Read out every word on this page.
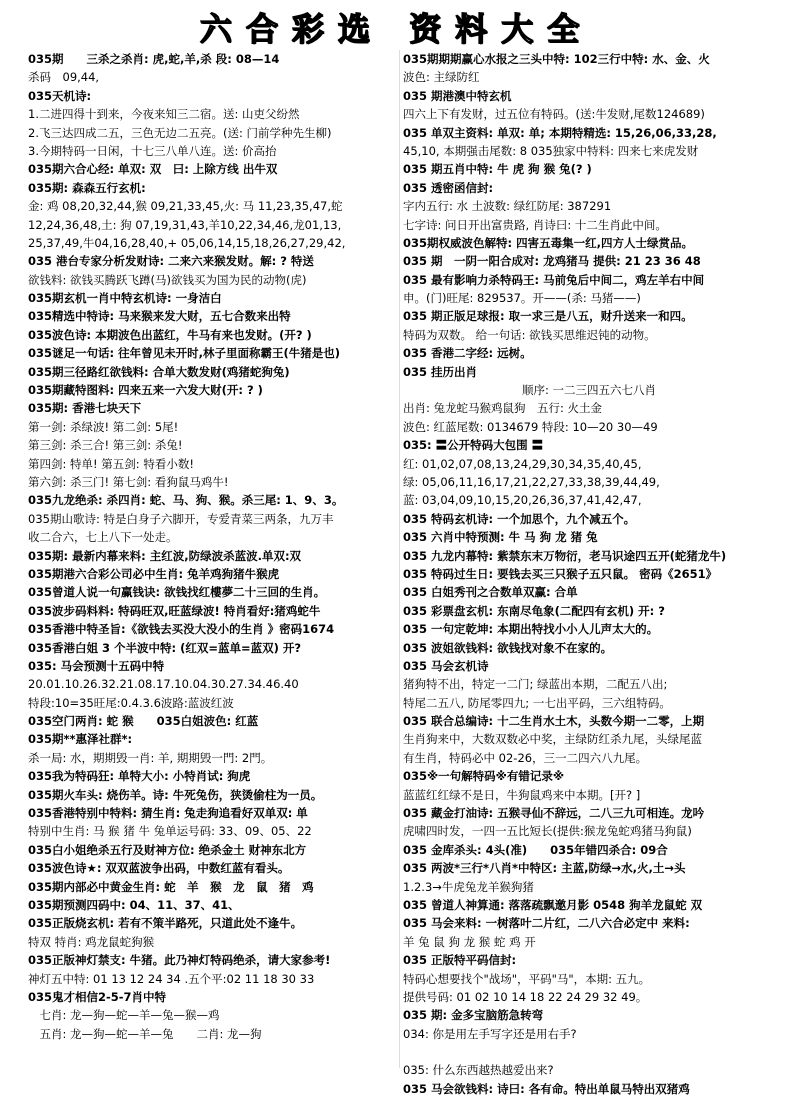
六合彩选 资料大全
035期　　三杀之杀肖: 虎,蛇,羊,杀 段: 08—14
杀码　09,44,
035天机诗:
1.二进四得十到来，今夜来知三二宿。送: 山吏父纷然
2.飞三达四成二五，三色无边二五亮。(送: 门前学种先生柳)
3.今期特码一日闲，十七三八单八连。送: 价高抬
035期六合心经: 单双: 双　曰: 上除方线 出牛双
035期: 森森五行玄机:
金: 鸡 08,20,32,44,猴 09,21,33,45,火: 马 11,23,35,47,蛇
12,24,36,48,土: 狗 07,19,31,43,羊10,22,34,46,龙01,13,
25,37,49,牛04,16,28,40,+ 05,06,14,15,18,26,27,29,42,
035 港台专家分析发财诗: 二来六来猴发财。解: ? 特送
欲钱料: 欲钱买腾跃飞蹲(马)欲钱买为国为民的动物(虎)
035期玄机一肖中特玄机诗: 一身洁白
035精选中特诗: 马来猴来发大财，五七合数来出特
035波色诗: 本期波色出蓝红，牛马有来也发财。(开? )
035谜足一句话: 往年曾见未开时,林子里面称霸王(牛猪是也)
035期三径路红欲钱料: 合单大数发财(鸡猪蛇狗兔)
035期藏特图料: 四来五来一六发大财(开: ? )
035期: 香港七块天下
第一剑: 杀绿波! 第二剑: 5尾!
第三剑: 杀三合! 第三剑: 杀兔!
第四剑: 特单! 第五剑: 特看小数!
第六剑: 杀三门! 第七剑: 看狗鼠马鸡牛!
035九龙绝杀: 杀四肖: 蛇、马、狗、猴。杀三尾: 1、9、3。
035期山歌诗: 特是白身子六脚开，专爱青菜三两条，九万丰
收二合六，七上八下一处走。
035期: 最新内幕来料: 主红波,防绿波杀蓝波.单双:双
035期港六合彩公司必中生肖: 兔羊鸡狗猪牛猴虎
035曾道人说一句赢钱诀: 欲钱找红樓夢二十三回的生肖。
035波步码料料: 特码旺双,旺蓝绿波! 特肖看好:猪鸡蛇牛
035香港中特圣旨:《欲钱去买没大没小的生肖 》密码1674
035香港白姐 3 个半波中特: (红双=蓝单=蓝双) 开?
035: 马会预测十五码中特
20.01.10.26.32.21.08.17.10.04.30.27.34.46.40
特段:10=35旺尾:0.4.3.6波路:蓝波红波
035空门两肖: 蛇 猴　　035白姐波色: 红蓝
035期**惠泽社群*:
杀一局: 水，期期毁一肖: 羊, 期期毁一門: 2門。
035我为特码狂: 单特大小: 小特肖试: 狗虎
035期火车头: 烧伤羊。诗: 牛死兔伤，狭烫偷柱为一员。
035香港特别中特料: 猜生肖: 兔走狗追看好双单双: 单
特别中生肖: 马 猴 猪 牛 兔单运号码: 33、09、05、22
035白小姐绝杀五行及财神方位: 绝杀金土 财神东北方
035波色诗★: 双双蓝波争出码，中数红蓝有看头。
035期内部必中黄金生肖: 蛇　羊　猴　龙　鼠　猪　鸡
035期预测四码中: 04、11、37、41、
035正版烧玄机: 若有不策半路死，只道此处不逢牛。
特双 特肖: 鸡龙鼠蛇狗猴
035正版神灯禁支: 牛猪。此乃神灯特码绝杀，请大家参考!
神灯五中特: 01 13 12 24 34 .五个平:02 11 18 30 33
035鬼才相信2-5-7肖中特
　七肖: 龙—狗—蛇—羊—兔—猴—鸡
　五肖: 龙—狗—蛇—羊—兔　　二肖: 龙—狗
035期期期赢心水报之三头中特: 102三行中特: 水、金、火
波色: 主绿防红
035 期港澳中特玄机
四六上下有发财，过五位有特码。(送:牛发财,尾数124689)
035 单双主资料: 单双: 单; 本期特精选: 15,26,06,33,28,
45,10, 本期强击尾数: 8 035独家中特料: 四来七来虎发财
035 期五肖中特: 牛 虎 狗 猴 兔(? )
035 透密函信封:
字内五行: 水 土波数: 绿红防尾: 387291
七字诗: 问日开出富贵路, 肖诗曰: 十二生肖此中间。
035期权威波色解特: 四害五毒集一红,四方人士绿赏品。
035 期　一阴一阳合成对: 龙鸡猪马 提供: 21 23 36 48
035 最有影响力杀特码王: 马前兔后中间二，鸡左羊右中间
申。(门)旺尾: 829537。开——(杀: 马猪——)
035 期正版足球报: 取一求三是八五，财升送来一和四。
特码为双数。 给一句话: 欲钱买思维迟钝的动物。
035 香港二字经: 远树。
035 挂历出肖
顺序: 一二三四五六七八肖
出肖: 兔龙蛇马猴鸡鼠狗　五行: 火土金
波色: 红蓝尾数: 0134679 特段: 10—20 30—49
035: 〓公开特码大包围 〓
红: 01,02,07,08,13,24,29,30,34,35,40,45,
绿: 05,06,11,16,17,21,22,27,33,38,39,44,49,
蓝: 03,04,09,10,15,20,26,36,37,41,42,47,
035 特码玄机诗: 一个加思个，九个减五个。
035 六肖中特预测: 牛 马 狗 龙 猪 兔
035 九龙内幕特: 紫禁东末万物衍，老马识途四五开(蛇猪龙牛)
035 特码过生日: 要钱去买三只猴子五只鼠。 密码《2651》
035 白姐秀刊之合数单双赢: 合单
035 彩票盘玄机: 东南尽龟象(二配四有玄机) 开: ?
035 一句定乾坤: 本期出特找小小人儿声太大的。
035 波姐欲钱料: 欲钱找对象不在家的。
035 马会玄机诗
猪狗特不出，特定一二门; 绿蓝出本期，二配五八出;
特尾二五八, 防尾零四九; 一七出平码，三六组特码。
035 联合总编诗: 十二生肖水土木，头数今期一二零，上期
生肖狗来中，大数双数必中奖，主绿防红杀九尾，头绿尾蓝
有生肖，特码必中 02-26，三一二四六八九尾。
035※一句解特码※有错记录※
蓝蓝红红绿不是日，牛狗鼠鸡来中本期。[开? ]
035 藏金打油诗: 五猴寻仙不辞远，二八三九可相连。龙吟
虎啸四时发，一四一五比短长(提供:猴龙兔蛇鸡猪马狗鼠)
035 金库杀头: 4头(准)　　035年错四杀合: 09合
035 两波*三行*八肖*中特区: 主蓝,防绿→水,火,土→头
1.2.3→牛虎兔龙羊猴狗猪
035 曾道人神算通: 落落疏飘邀月影 0548 狗羊龙鼠蛇 双
035 马会来料: 一树落叶二片红，二八六合必定中 来料:
羊 兔 鼠 狗 龙 猴 蛇 鸡 开
035 正版特平码信封:
特码心想要找个"战场"，平码"马"，本期: 五九。
提供号码: 01 02 10 14 18 22 24 29 32 49。
035 期: 金多宝脑筋急转弯
034: 你是用左手写字还是用右手?
035: 什么东西越热越爱出来?
035 马会欲钱料: 诗曰: 各有命。特出单鼠马特出双猪鸡
